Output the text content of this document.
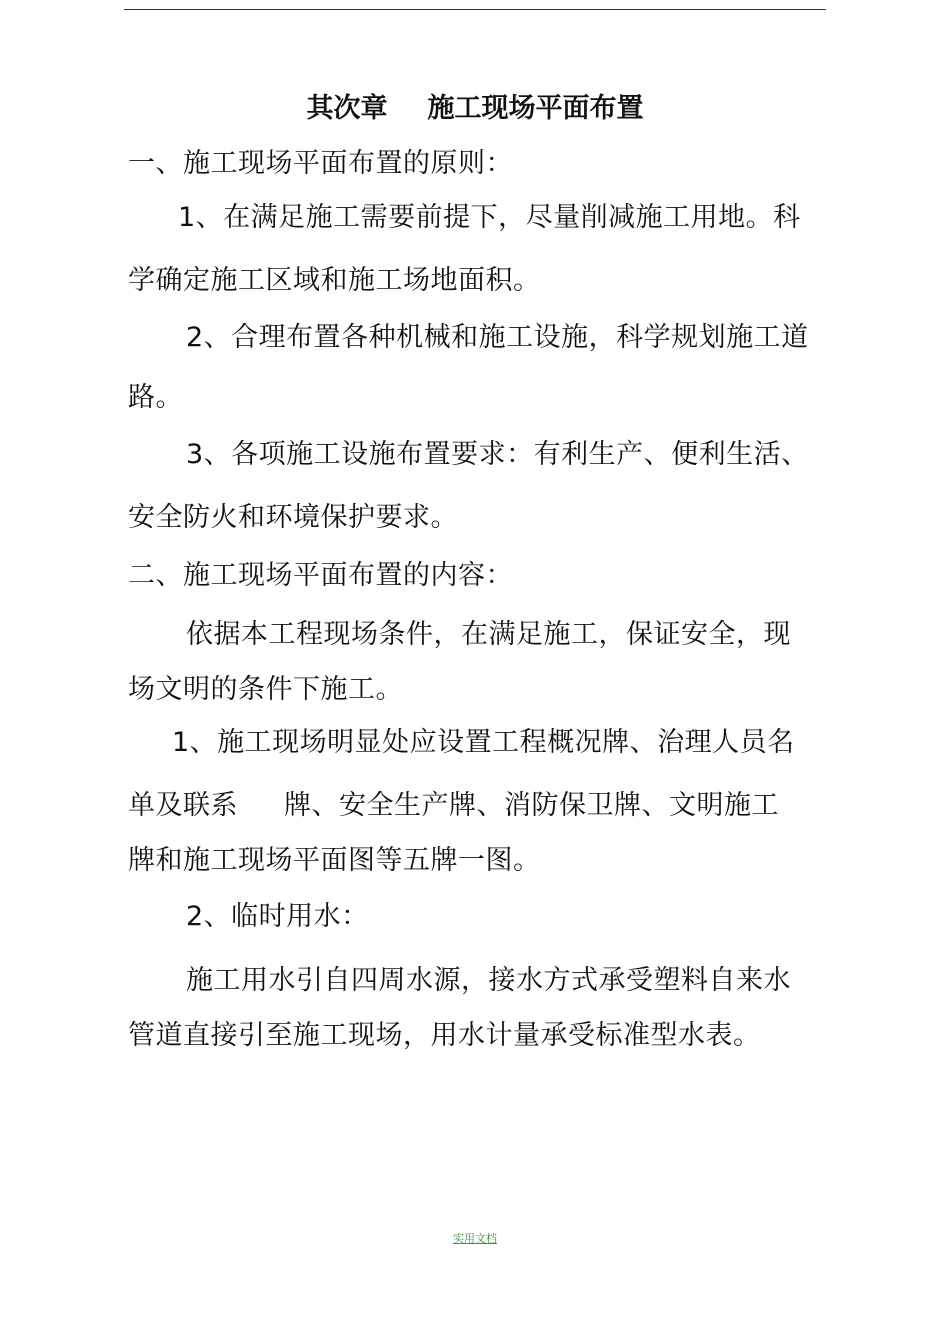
其次章 施工现场平面布置
一、施工现场平面布置的原则：
1、在满足施工需要前提下，尽量削减施工用地。科
学确定施工区域和施工场地面积。
2、合理布置各种机械和施工设施，科学规划施工道
路。
3、各项施工设施布置要求：有利生产、便利生活、
安全防火和环境保护要求。
二、施工现场平面布置的内容：
依据本工程现场条件，在满足施工，保证安全，现
场文明的条件下施工。
1、施工现场明显处应设置工程概况牌、治理人员名
单及联系 牌、安全生产牌、消防保卫牌、文明施工
牌和施工现场平面图等五牌一图。
2、临时用水：
施工用水引自四周水源，接水方式承受塑料自来水
管道直接引至施工现场，用水计量承受标准型水表。
实用文档
